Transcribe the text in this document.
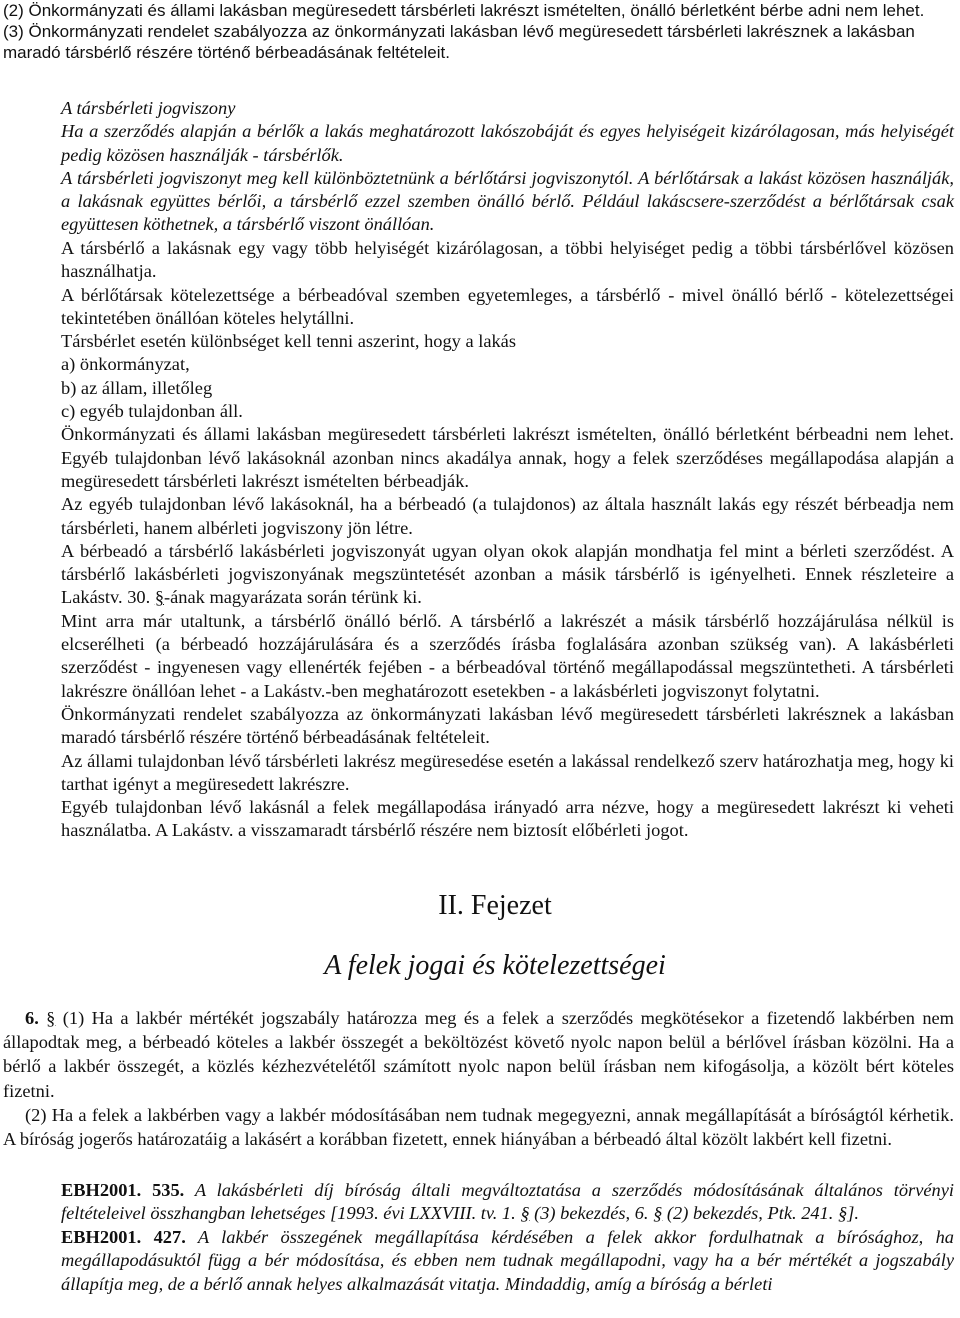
(2) Önkormányzati és állami lakásban megüresedett társbérleti lakrészt ismételten, önálló bérletként bérbe adni nem lehet.

(3) Önkormányzati rendelet szabályozza az önkormányzati lakásban lévő megüresedett társbérleti lakrésznek a lakásban maradó társbérlő részére történő bérbeadásának feltételeit.

A társbérleti jogviszony

Ha a szerződés alapján a bérlők a lakás meghatározott lakószobáját és egyes helyiségeit kizárólagosan, más helyiségét pedig közösen használják - társbérlők.

A társbérleti jogviszonyt meg kell különböztetnünk a bérlőtársi jogviszonytól. A bérlőtársak a lakást közösen használják, a lakásnak együttes bérlői, a társbérlő ezzel szemben önálló bérlő. Például lakáscsere-szerződést a bérlőtársak csak együttesen köthetnek, a társbérlő viszont önállóan.

A társbérlő a lakásnak egy vagy több helyiségét kizárólagosan, a többi helyiséget pedig a többi társbérlővel közösen használhatja.

A bérlőtársak kötelezettsége a bérbeadóval szemben egyetemleges, a társbérlő - mivel önálló bérlő - kötelezettségei tekintetében önállóan köteles helytállni.

Társbérlet esetén különbséget kell tenni aszerint, hogy a lakás

a) önkormányzat,

b) az állam, illetőleg

c) egyéb tulajdonban áll.

Önkormányzati és állami lakásban megüresedett társbérleti lakrészt ismételten, önálló bérletként bérbeadni nem lehet. Egyéb tulajdonban lévő lakásoknál azonban nincs akadálya annak, hogy a felek szerződéses megállapodása alapján a megüresedett társbérleti lakrészt ismételten bérbeadják.

Az egyéb tulajdonban lévő lakásoknál, ha a bérbeadó (a tulajdonos) az általa használt lakás egy részét bérbeadja nem társbérleti, hanem albérleti jogviszony jön létre.

A bérbeadó a társbérlő lakásbérleti jogviszonyát ugyan olyan okok alapján mondhatja fel mint a bérleti szerződést. A társbérlő lakásbérleti jogviszonyának megszüntetését azonban a másik társbérlő is igényelheti. Ennek részleteire a Lakástv. 30. §-ának magyarázata során térünk ki.

Mint arra már utaltunk, a társbérlő önálló bérlő. A társbérlő a lakrészét a másik társbérlő hozzájárulása nélkül is elcserélheti (a bérbeadó hozzájárulására és a szerződés írásba foglalására azonban szükség van). A lakásbérleti szerződést - ingyenesen vagy ellenérték fejében - a bérbeadóval történő megállapodással megszüntetheti. A társbérleti lakrészre önállóan lehet - a Lakástv.-ben meghatározott esetekben - a lakásbérleti jogviszonyt folytatni.

Önkormányzati rendelet szabályozza az önkormányzati lakásban lévő megüresedett társbérleti lakrésznek a lakásban maradó társbérlő részére történő bérbeadásának feltételeit.

Az állami tulajdonban lévő társbérleti lakrész megüresedése esetén a lakással rendelkező szerv határozhatja meg, hogy ki tarthat igényt a megüresedett lakrészre.

Egyéb tulajdonban lévő lakásnál a felek megállapodása irányadó arra nézve, hogy a megüresedett lakrészt ki veheti használatba. A Lakástv. a visszamaradt társbérlő részére nem biztosít előbérleti jogot.

II. Fejezet
A felek jogai és kötelezettségei

6. § (1) Ha a lakbér mértékét jogszabály határozza meg és a felek a szerződés megkötésekor a fizetendő lakbérben nem állapodtak meg, a bérbeadó köteles a lakbér összegét a beköltözést követő nyolc napon belül a bérlővel írásban közölni. Ha a bérlő a lakbér összegét, a közlés kézhezvételétől számított nyolc napon belül írásban nem kifogásolja, a közölt bért köteles fizetni.

(2) Ha a felek a lakbérben vagy a lakbér módosításában nem tudnak megegyezni, annak megállapítását a bíróságtól kérhetik. A bíróság jogerős határozatáig a lakásért a korábban fizetett, ennek hiányában a bérbeadó által közölt lakbért kell fizetni.

EBH2001. 535. A lakásbérleti díj bíróság általi megváltoztatása a szerződés módosításának általános törvényi feltételeivel összhangban lehetséges [1993. évi LXXVIII. tv. 1. § (3) bekezdés, 6. § (2) bekezdés, Ptk. 241. §].

EBH2001. 427. A lakbér összegének megállapítása kérdésében a felek akkor fordulhatnak a bírósághoz, ha megállapodásuktól függ a bér módosítása, és ebben nem tudnak megállapodni, vagy ha a bér mértékét a jogszabály állapítja meg, de a bérlő annak helyes alkalmazását vitatja. Mindaddig, amíg a bíróság a bérleti
